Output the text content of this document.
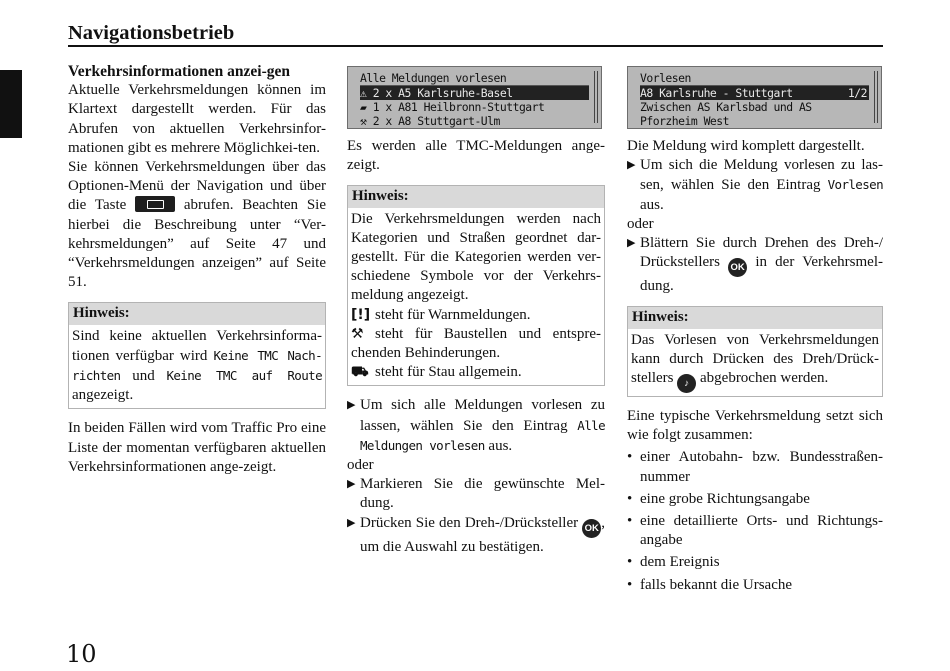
Navigationsbetrieb
Verkehrsinformationen anzei-gen

Aktuelle Verkehrsmeldungen können im Klartext dargestellt werden. Für das Abrufen von aktuellen Verkehrsinfor-mationen gibt es mehrere Möglichkei-ten.

Sie können Verkehrsmeldungen über das Optionen-Menü der Navigation und über die Taste	abrufen. Beachten Sie hierbei die Beschreibung unter “Ver-kehrsmeldungen” auf Seite 47 und “Verkehrsmeldungen anzeigen” auf Seite 51.

Hinweis:
Sind keine aktuellen Verkehrsinforma-tionen verfügbar wird Keine TMC Nach-richten und Keine TMC auf Route angezeigt.

In beiden Fällen wird vom Traffic Pro eine Liste der momentan verfügbaren aktuellen Verkehrsinformationen ange-zeigt.

Alle Meldungen vorlesen
⚠ 2 x A5 Karlsruhe-Basel
▰ 1 x A81 Heilbronn-Stuttgart
⚒ 2 x A8 Stuttgart-Ulm

Es werden alle TMC-Meldungen ange-zeigt.

Hinweis:

Die Verkehrsmeldungen werden nach Kategorien und Straßen geordnet dar-gestellt. Für die Kategorien werden ver-schiedene Symbole vor der Verkehrs-meldung angezeigt.

[!] steht für Warnmeldungen.

⚒ steht für Baustellen und entspre-chenden Behinderungen.

⛟ steht für Stau allgemein.

▶ Um sich alle Meldungen vorlesen zu lassen, wählen Sie den Eintrag Alle Meldungen vorlesen aus.

oder

▶ Markieren Sie die gewünschte Mel-dung.
▶ Drücken Sie den Dreh-/Drücksteller OK , um die Auswahl zu bestätigen.
Vorlesen
A8 Karlsruhe - Stuttgart	1/2
Zwischen AS Karlsbad und AS
Pforzheim West

Die Meldung wird komplett dargestellt.

▶ Um sich die Meldung vorlesen zu las-sen, wählen Sie den Eintrag Vorlesen aus.

oder

▶ Blättern Sie durch Drehen des Dreh-/ Drückstellers OK in der Verkehrsmel-dung.
Hinweis:
Das Vorlesen von Verkehrsmeldungen kann durch Drücken des Dreh/Drück-stellers ♪ abgebrochen werden.

Eine typische Verkehrsmeldung setzt sich wie folgt zusammen:

• einer Autobahn- bzw. Bundesstraßen-nummer
• eine grobe Richtungsangabe
• eine detaillierte Orts- und Richtungs-angabe
• dem Ereignis
• falls bekannt die Ursache
10
